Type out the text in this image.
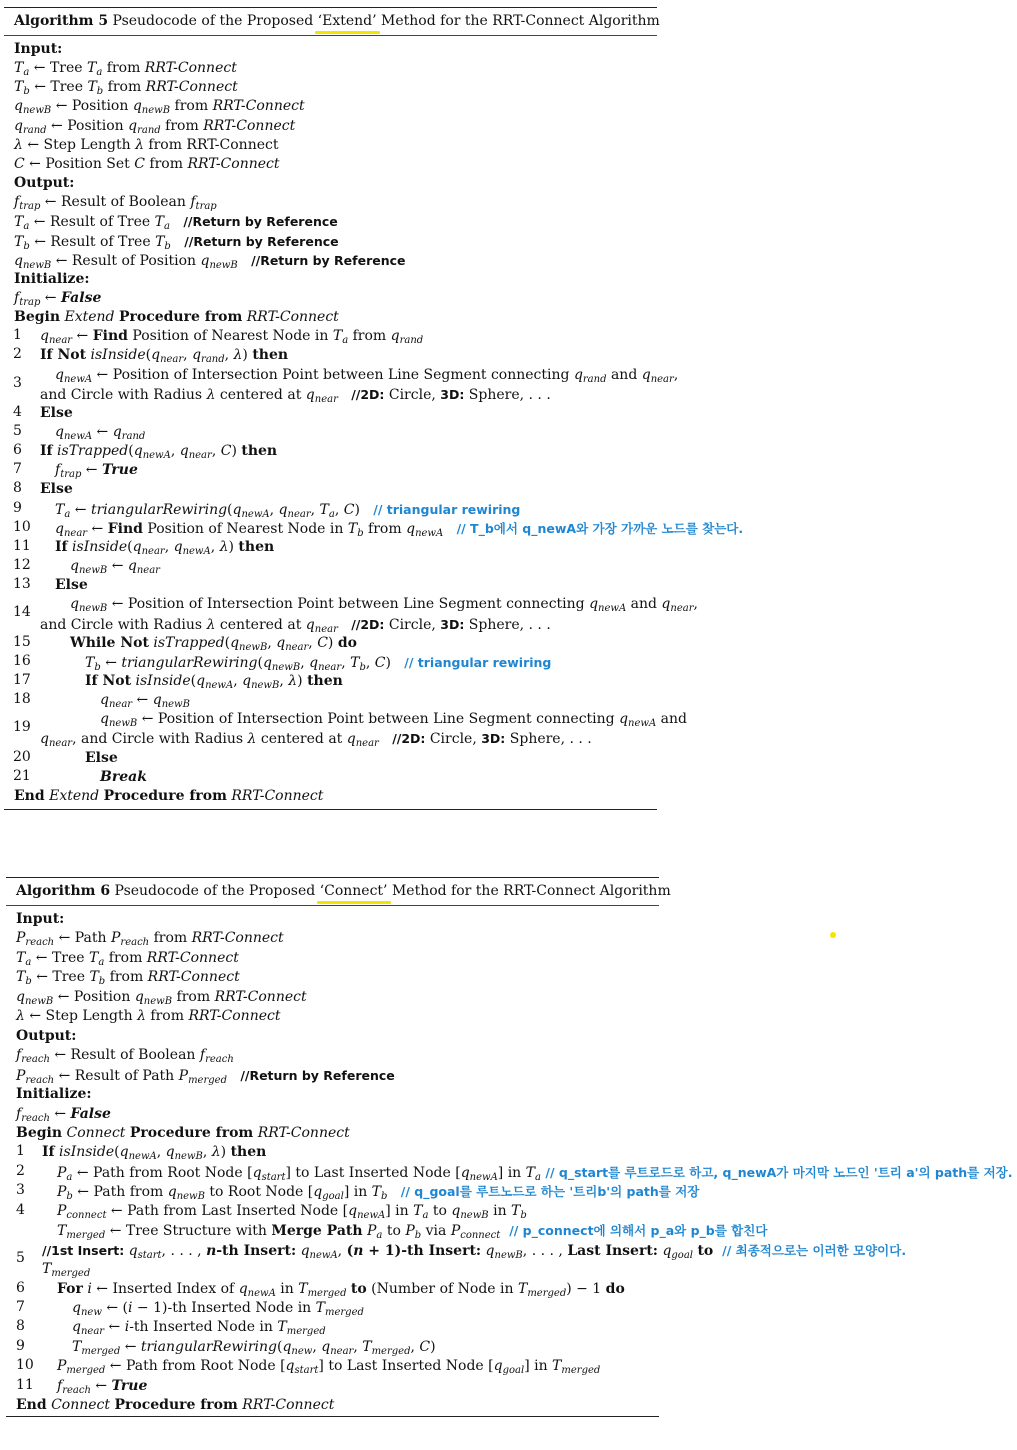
Algorithm 5 Pseudocode of the Proposed ‘Extend’
Method for the RRT-Connect Algorithm
Input:
$T_a$ ← Tree $T_a$ from RRT-Connect
$T_b$ ← Tree $T_b$ from RRT-Connect
$q_{newB}$ ← Position $q_{newB}$ from RRT-Connect
$q_{rand}$ ← Position $q_{rand}$ from RRT-Connect
λ ← Step Length λ from RRT-Connect
C ← Position Set C from RRT-Connect
Output:
$f_{trap}$ ← Result of Boolean $f_{trap}$
$T_a$ ← Result of Tree $T_a$ //Return by Reference
$T_b$ ← Result of Tree $T_b$ //Return by Reference
$q_{newB}$ ← Result of Position $q_{newB}$ //Return by Reference
Initialize:
$f_{trap}$ ← False
Begin Extend Procedure from RRT-Connect
1 $q_{near}$ ← Find Position of Nearest Node in $T_a$ from $q_{rand}$
2 If Not $isInside(q_{near}$, $q_{rand}$, λ) then
3 $q_{newA}$ ← Position of Intersection Point between Line Segment connecting $q_{rand}$ and $q_{near}$,
and Circle with Radius λ centered at $q_{near}$ //2D: Circle, 3D: Sphere, . . .
4 Else
5 $q_{newA}$ ← $q_{rand}$
6 If $isTrapped(q_{newA}$, $q_{near}$, C) then
7 $f_{trap}$ ← True
8 Else
9 $T_a$ ← $triangularRewiring(q_{newA}$, $q_{near}$, $T_a$, C)   // triangular rewiring
10 $q_{near}$ ← Find Position of Nearest Node in $T_b$ from $q_{newA}$ // T_b에서 q_newA와 가장 가까운 노드를 찾는다.
11 If $isInside(q_{near}$, $q_{newA}$, λ) then
12	$q_{newB}$ ← $q_{near}$
13 Else
14	$q_{newB}$ ← Position of Intersection Point between Line Segment connecting $q_{newA}$ and $q_{near}$,
and Circle with Radius λ centered at $q_{near}$ //2D: Circle, 3D: Sphere, . . .
15	While Not $isTrapped(q_{newB}$, $q_{near}$, C) do
16	$T_b$ ← $triangularRewiring(q_{newB}$, $q_{near}$, $T_b$, C)   // triangular rewiring
17	If Not $isInside(q_{newA}$, $q_{newB}$, λ) then
18	$q_{near}$ ← $q_{newB}$
19	$q_{newB}$ ← Position of Intersection Point between Line Segment connecting $q_{newA}$ and
$q_{near}$, and Circle with Radius λ centered at $q_{near}$ //2D: Circle, 3D: Sphere, . . .
20	Else
21	Break
End Extend Procedure from RRT-Connect
Algorithm 6 Pseudocode of the Proposed ‘Connect’
Method for the RRT-Connect Algorithm
Input:
$P_{reach}$ ← Path $P_{reach}$ from RRT-Connect
$T_a$ ← Tree $T_a$ from RRT-Connect
$T_b$ ← Tree $T_b$ from RRT-Connect
$q_{newB}$ ← Position $q_{newB}$ from RRT-Connect
λ ← Step Length λ from RRT-Connect
Output:
$f_{reach}$ ← Result of Boolean $f_{reach}$
$P_{reach}$ ← Result of Path $P_{merged}$ //Return by Reference
Initialize:
$f_{reach}$ ← False
Begin Connect Procedure from RRT-Connect
1 If $isInside(q_{newA}$, $q_{newB}$, λ) then
2 $P_a$ ← Path from Root Node $[q_{start}]$ to Last Inserted Node $[q_{newA}]$ in $T_a$ // q_start를 루트로드로 하고, q_newA가 마지막 노드인 '트리 a'의 path를 저장.
3 $P_b$ ← Path from $q_{newB}$ to Root Node $[q_{goal}]$ in $T_b$ // q_goal를 루트노드로 하는 '트리b'의 path를 저장
4 $P_{connect}$ ← Path from Last Inserted Node $[q_{newA}]$ in $T_a$ to $q_{newB}$ in $T_b$
$T_{merged}$ ← Tree Structure with Merge Path $P_a$ to $P_b$ via $P_{connect}$ // p_connect에 의해서 p_a와 p_b를 합친다
5 //1st Insert: $q_{start}$, . . . , n-th Insert: $q_{newA}$, (n + 1)-th Insert: $q_{newB}$, . . . , Last Insert: $q_{goal}$ to // 최종적으로는 이러한 모양이다.
$T_{merged}$
6 For i ← Inserted Index of $q_{newA}$ in $T_{merged}$ to (Number of Node in $T_{merged}) - 1$ do
7	$q_{new}$ ← (i − 1)-th Inserted Node in $T_{merged}$
8	$q_{near}$ ← i-th Inserted Node in $T_{merged}$
9	$T_{merged}$ ← $triangularRewiring(q_{new}$, $q_{near}$, $T_{merged}$, C)
10 $P_{merged}$ ← Path from Root Node $[q_{start}]$ to Last Inserted Node $[q_{goal}]$ in $T_{merged}$
11 $f_{reach}$ ← True
End Connect Procedure from RRT-Connect
